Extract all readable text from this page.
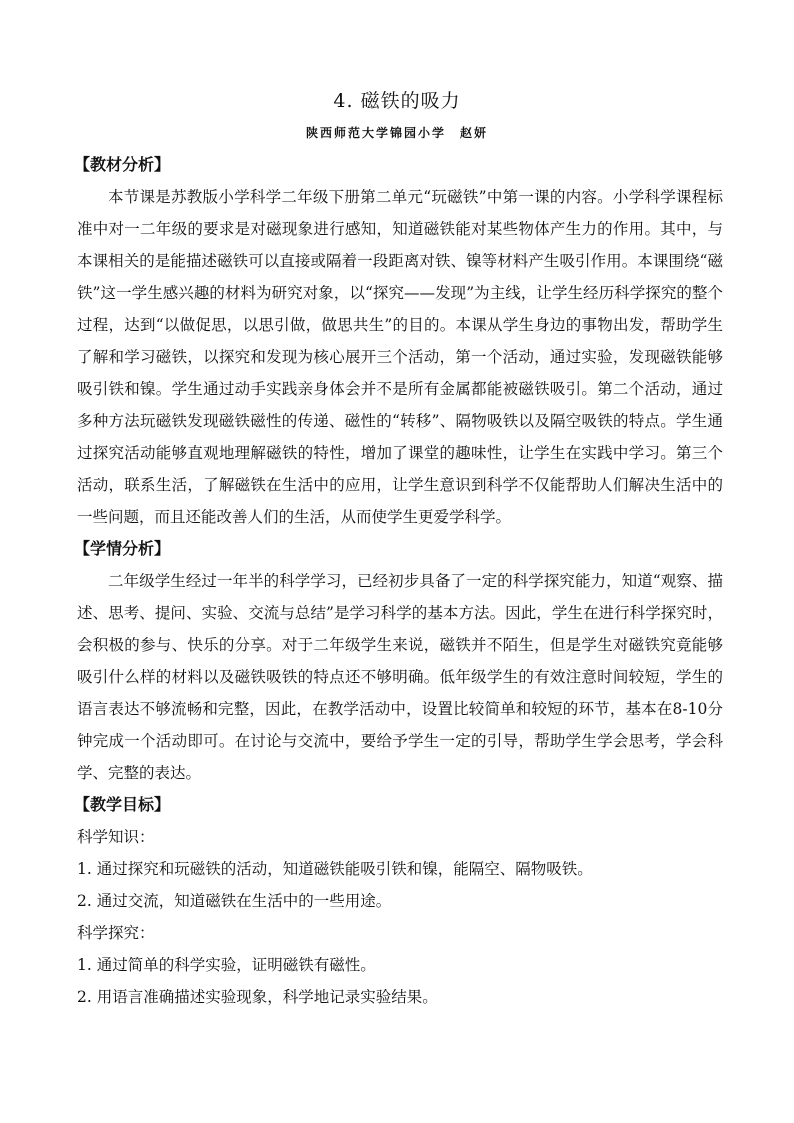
4. 磁铁的吸力
陕西师范大学锦园小学　赵妍
【教材分析】
本节课是苏教版小学科学二年级下册第二单元“玩磁铁”中第一课的内容。小学科学课程标准中对一二年级的要求是对磁现象进行感知，知道磁铁能对某些物体产生力的作用。其中，与本课相关的是能描述磁铁可以直接或隔着一段距离对铁、镍等材料产生吸引作用。本课围绕“磁铁”这一学生感兴趣的材料为研究对象，以“探究——发现”为主线，让学生经历科学探究的整个过程，达到“以做促思，以思引做，做思共生”的目的。本课从学生身边的事物出发，帮助学生了解和学习磁铁，以探究和发现为核心展开三个活动，第一个活动，通过实验，发现磁铁能够吸引铁和镍。学生通过动手实践亲身体会并不是所有金属都能被磁铁吸引。第二个活动，通过多种方法玩磁铁发现磁铁磁性的传递、磁性的“转移”、隔物吸铁以及隔空吸铁的特点。学生通过探究活动能够直观地理解磁铁的特性，增加了课堂的趣味性，让学生在实践中学习。第三个活动，联系生活，了解磁铁在生活中的应用，让学生意识到科学不仅能帮助人们解决生活中的一些问题，而且还能改善人们的生活，从而使学生更爱学科学。
【学情分析】
二年级学生经过一年半的科学学习，已经初步具备了一定的科学探究能力，知道“观察、描述、思考、提问、实验、交流与总结”是学习科学的基本方法。因此，学生在进行科学探究时，会积极的参与、快乐的分享。对于二年级学生来说，磁铁并不陌生，但是学生对磁铁究竟能够吸引什么样的材料以及磁铁吸铁的特点还不够明确。低年级学生的有效注意时间较短，学生的语言表达不够流畅和完整，因此，在教学活动中，设置比较简单和较短的环节，基本在8-10分钟完成一个活动即可。在讨论与交流中，要给予学生一定的引导，帮助学生学会思考，学会科学、完整的表达。
【教学目标】
科学知识：
1. 通过探究和玩磁铁的活动，知道磁铁能吸引铁和镍，能隔空、隔物吸铁。
2. 通过交流，知道磁铁在生活中的一些用途。
科学探究：
1. 通过简单的科学实验，证明磁铁有磁性。
2. 用语言准确描述实验现象，科学地记录实验结果。
